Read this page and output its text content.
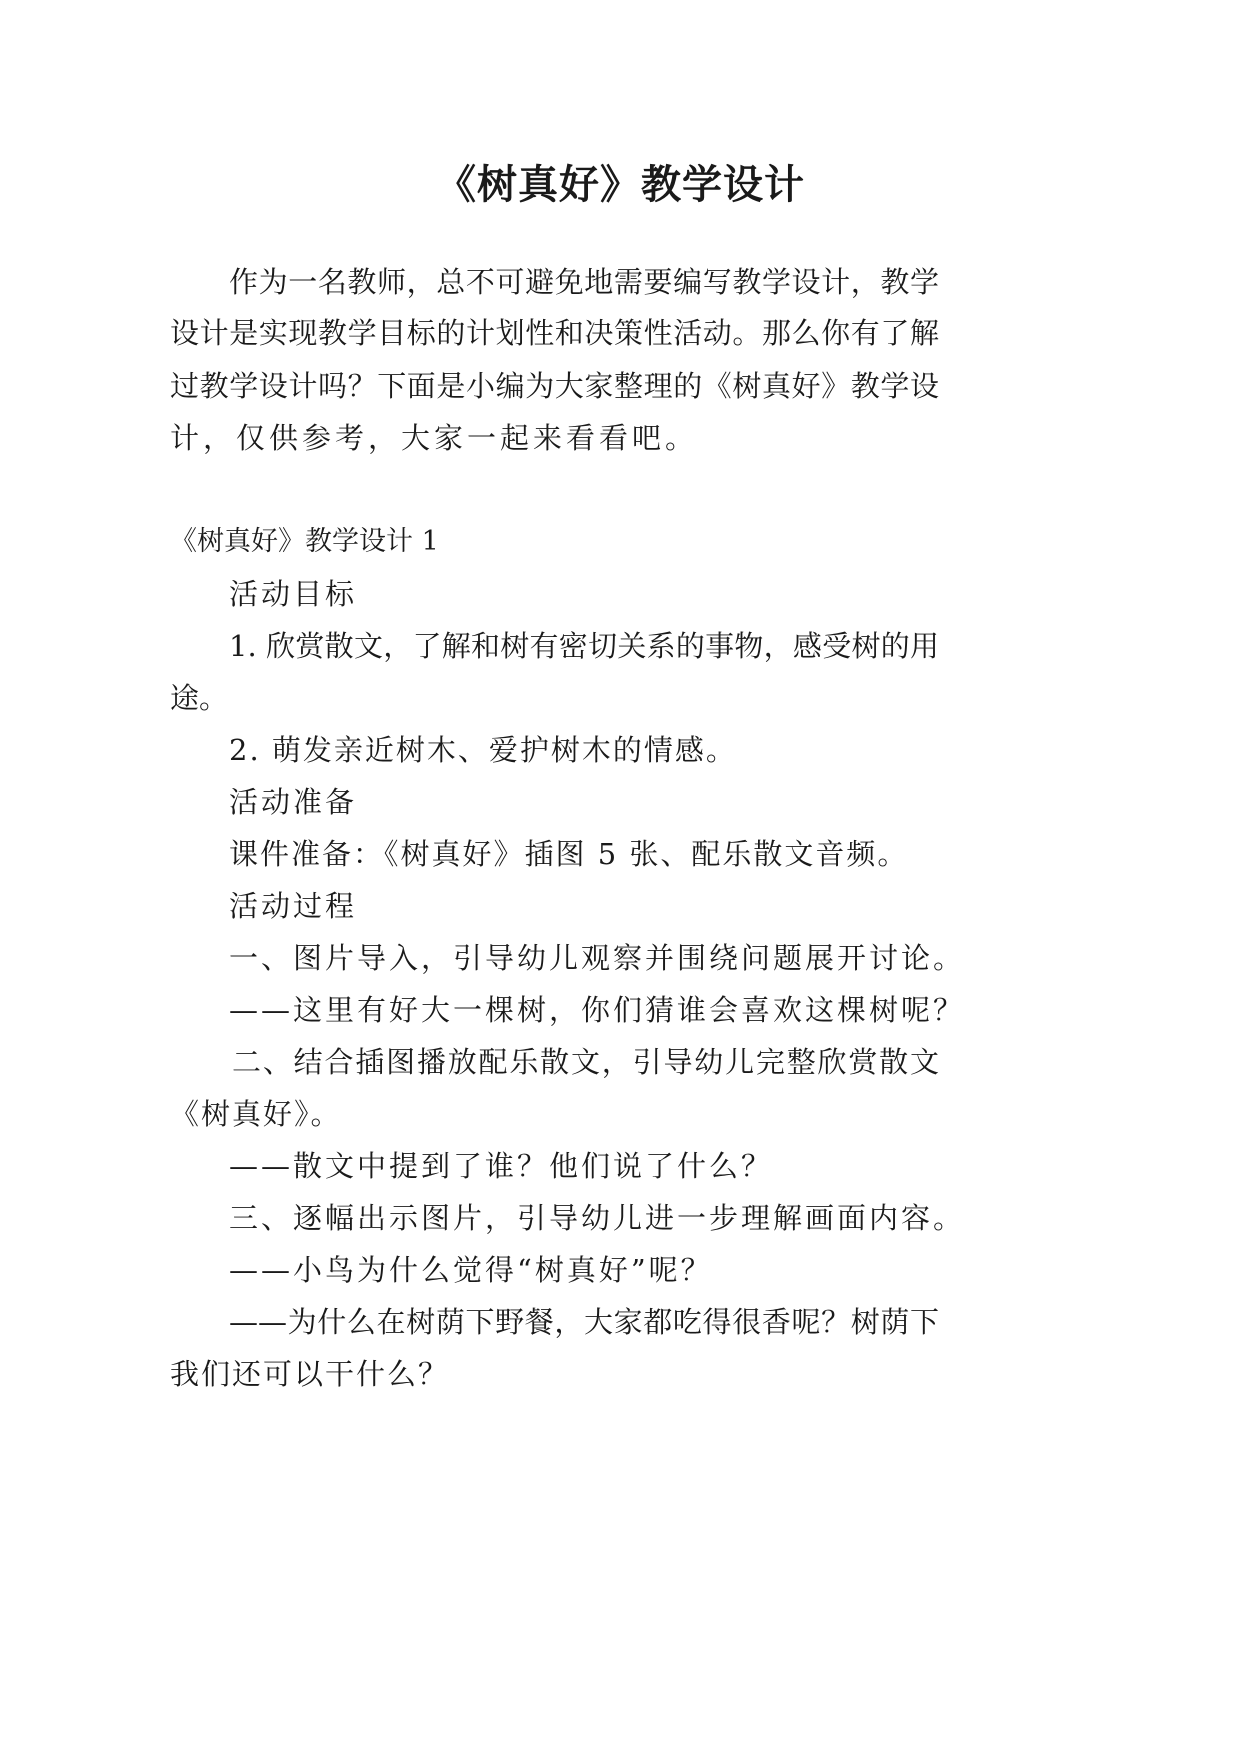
《树真好》教学设计
作为一名教师，总不可避免地需要编写教学设计，教学
设计是实现教学目标的计划性和决策性活动。那么你有了解
过教学设计吗？下面是小编为大家整理的《树真好》教学设
计，仅供参考，大家一起来看看吧。
《树真好》教学设计 1
活动目标
1. 欣赏散文，了解和树有密切关系的事物，感受树的用
途。
2. 萌发亲近树木、爱护树木的情感。
活动准备
课件准备：《树真好》插图 5 张、配乐散文音频。
活动过程
一、图片导入，引导幼儿观察并围绕问题展开讨论。
——这里有好大一棵树，你们猜谁会喜欢这棵树呢？
二、结合插图播放配乐散文，引导幼儿完整欣赏散文
《树真好》。
——散文中提到了谁？他们说了什么？
三、逐幅出示图片，引导幼儿进一步理解画面内容。
——小鸟为什么觉得“树真好”呢？
——为什么在树荫下野餐，大家都吃得很香呢？树荫下
我们还可以干什么？
